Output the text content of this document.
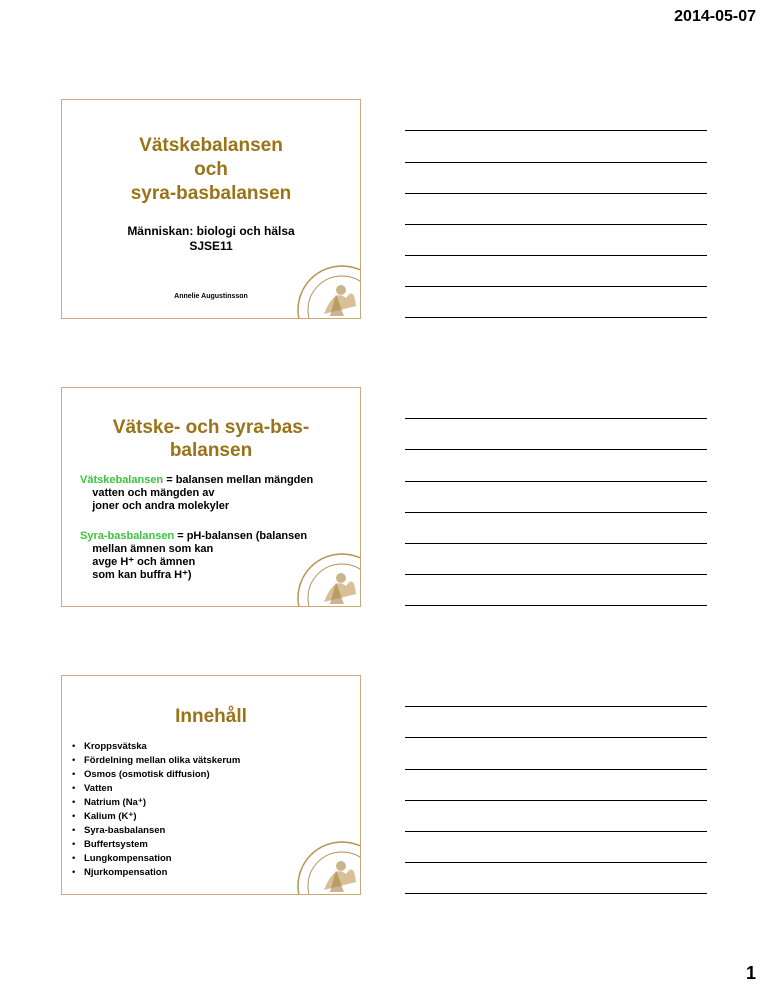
2014-05-07
Vätskebalansen
och
syra-basbalansen
Människan: biologi och hälsa
SJSE11
Annelie Augustinsson
Vätske- och syra-bas-
balansen
Vätskebalansen = balansen mellan mängden
vatten och mängden av
joner och andra molekyler
Syra-basbalansen = pH-balansen (balansen
mellan ämnen som kan
avge H⁺ och ämnen
som kan buffra H⁺)
Innehåll
• Kroppsvätska
• Fördelning mellan olika vätskerum
• Osmos (osmotisk diffusion)
• Vatten
• Natrium (Na⁺)
• Kalium (K⁺)
• Syra-basbalansen
• Buffertsystem
• Lungkompensation
• Njurkompensation
1
